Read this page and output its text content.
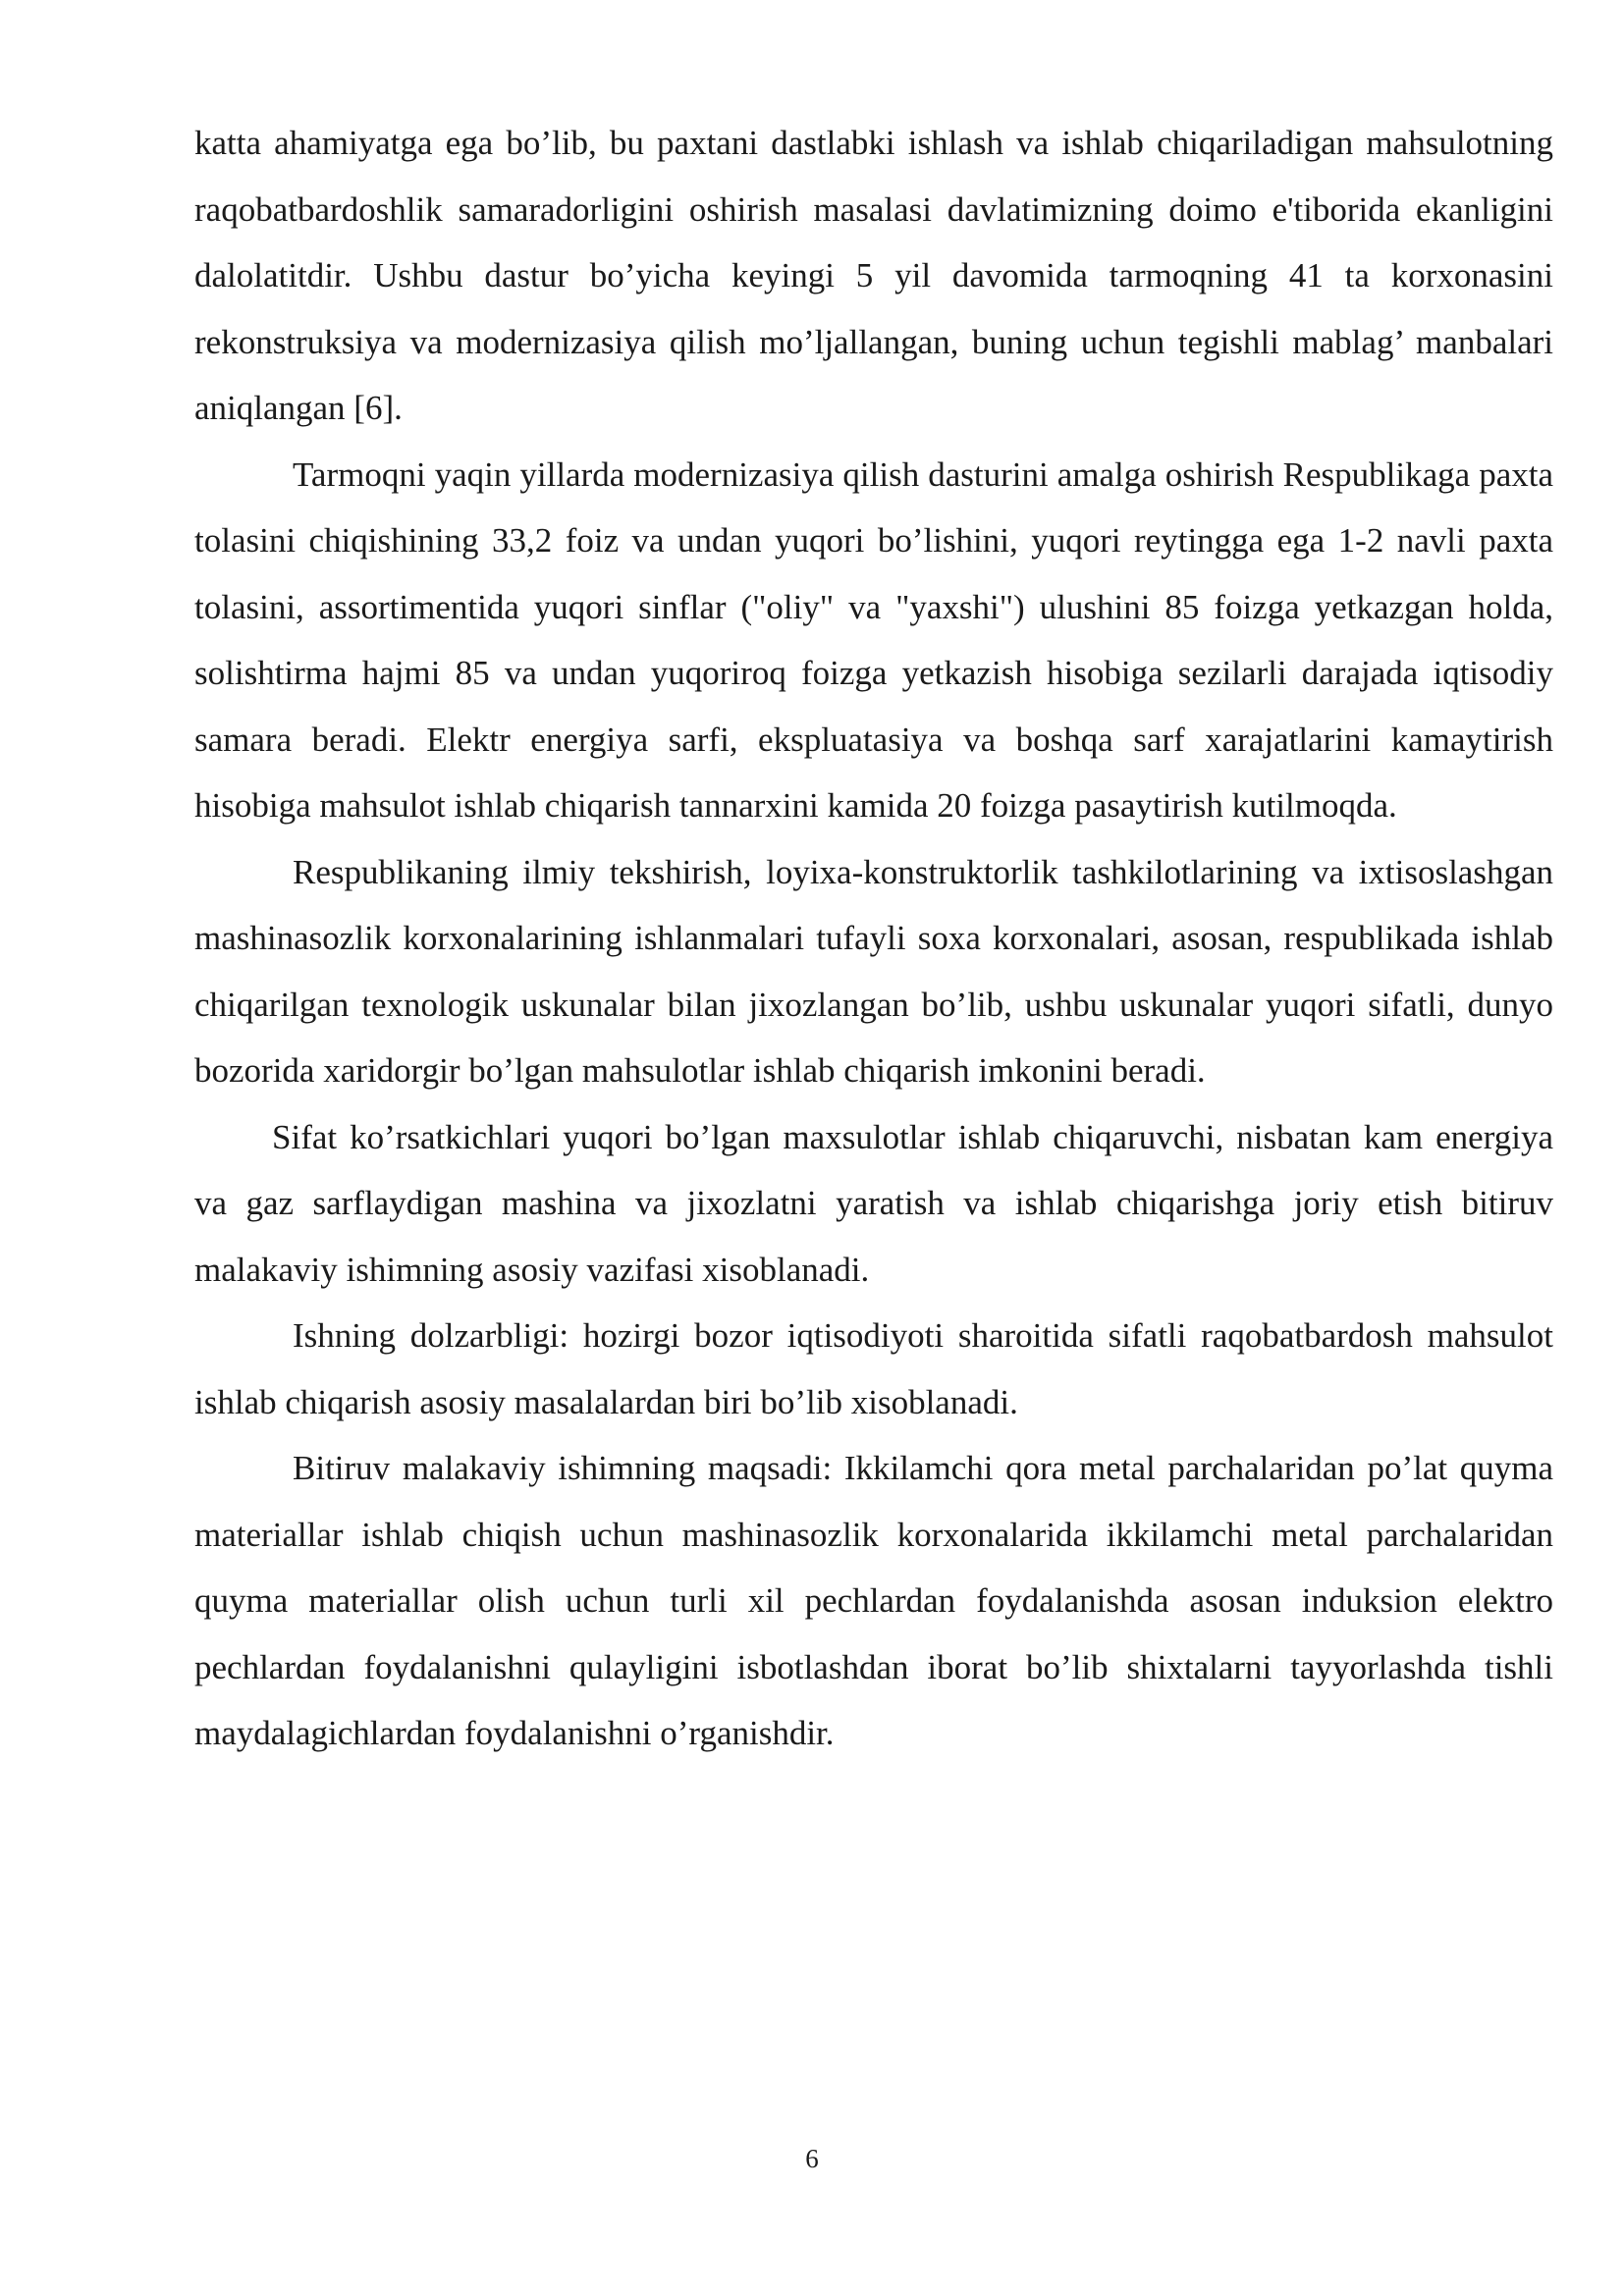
katta ahamiyatga ega bo’lib, bu paxtani dastlabki ishlash va ishlab chiqariladigan mahsulotning raqobatbardoshlik samaradorligini oshirish masalasi davlatimizning doimo e'tiborida ekanligini dalolatitdir. Ushbu dastur bo’yicha keyingi 5 yil davomida tarmoqning 41 ta korxonasini rekonstruksiya va modernizasiya qilish mo’ljallangan, buning uchun tegishli mablag’ manbalari aniqlangan [6].

Tarmoqni yaqin yillarda modernizasiya qilish dasturini amalga oshirish Respublikaga paxta tolasini chiqishining 33,2 foiz va undan yuqori bo’lishini, yuqori reytingga ega 1-2 navli paxta tolasini, assortimentida yuqori sinflar ("oliy" va "yaxshi") ulushini 85 foizga yetkazgan holda, solishtirma hajmi 85 va undan yuqoriroq foizga yetkazish hisobiga sezilarli darajada iqtisodiy samara beradi. Elektr energiya sarfi, ekspluatasiya va boshqa sarf xarajatlarini kamaytirish hisobiga mahsulot ishlab chiqarish tannarxini kamida 20 foizga pasaytirish kutilmoqda.

Respublikaning ilmiy tekshirish, loyixa-konstruktorlik tashkilotlarining va ixtisoslashgan mashinasozlik korxonalarining ishlanmalari tufayli soxa korxonalari, asosan, respublikada ishlab chiqarilgan texnologik uskunalar bilan jixozlangan bo’lib, ushbu uskunalar yuqori sifatli, dunyo bozorida xaridorgir bo’lgan mahsulotlar ishlab chiqarish imkonini beradi.

Sifat ko’rsatkichlari yuqori bo’lgan maxsulotlar ishlab chiqaruvchi, nisbatan kam energiya va gaz sarflaydigan mashina va jixozlatni yaratish va ishlab chiqarishga joriy etish bitiruv malakaviy ishimning asosiy vazifasi xisoblanadi.

Ishning dolzarbligi: hozirgi bozor iqtisodiyoti sharoitida sifatli raqobatbardosh mahsulot ishlab chiqarish asosiy masalalardan biri bo’lib xisoblanadi.

Bitiruv malakaviy ishimning maqsadi: Ikkilamchi qora metal parchalaridan po’lat quyma materiallar ishlab chiqish uchun mashinasozlik korxonalarida ikkilamchi metal parchalaridan quyma materiallar olish uchun turli xil pechlardan foydalanishda asosan induksion elektro pechlardan foydalanishni qulayligini isbotlashdan iborat bo’lib shixtalarni tayyorlashda tishli maydalagichlardan foydalanishni o’rganishdir.

6
